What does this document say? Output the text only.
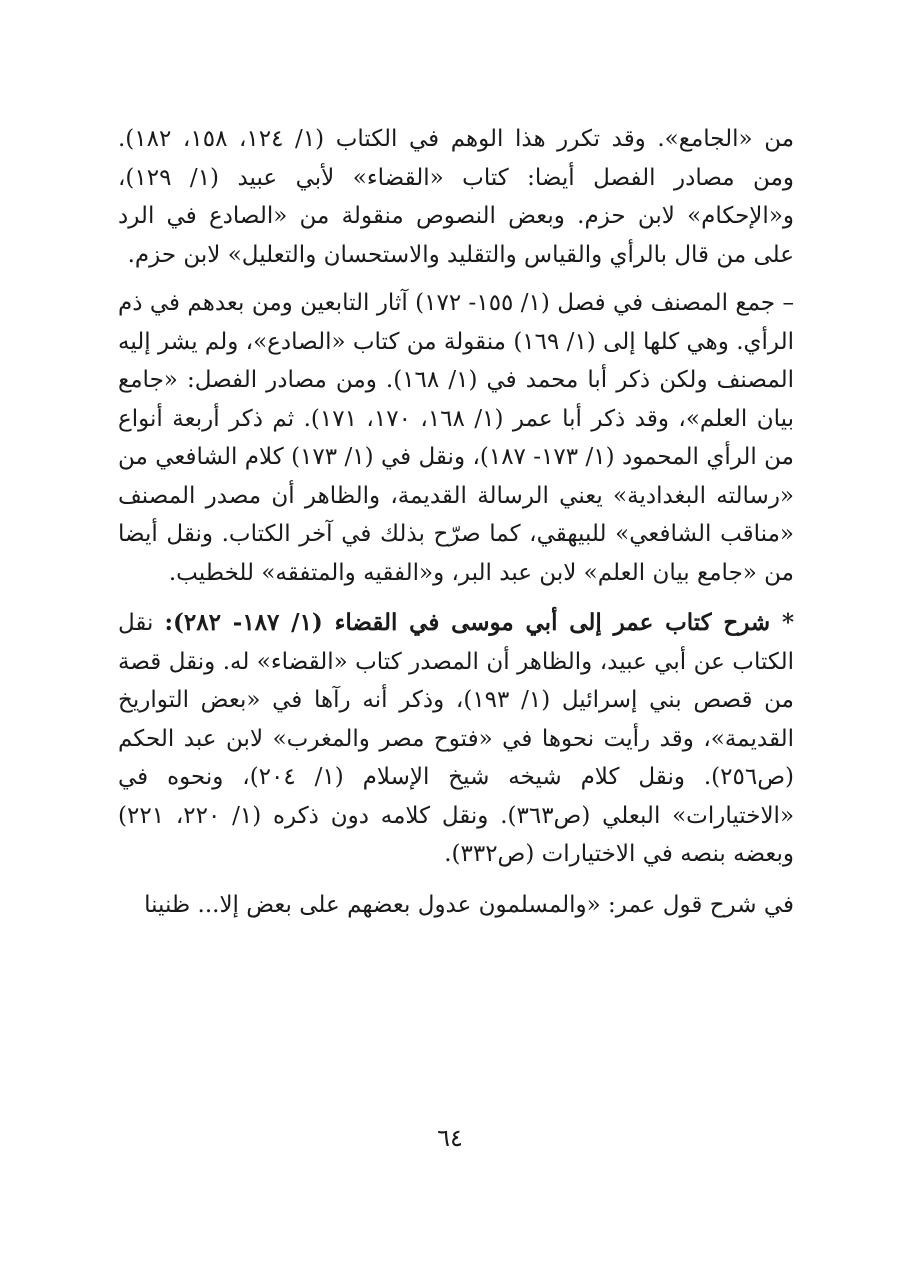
من «الجامع». وقد تكرر هذا الوهم في الكتاب (١/ ١٢٤، ١٥٨، ١٨٢). ومن مصادر الفصل أيضا: كتاب «القضاء» لأبي عبيد (١/ ١٢٩)، و«الإحكام» لابن حزم. وبعض النصوص منقولة من «الصادع في الرد على من قال بالرأي والقياس والتقليد والاستحسان والتعليل» لابن حزم.

– جمع المصنف في فصل (١/ ١٥٥- ١٧٢) آثار التابعين ومن بعدهم في ذم الرأي. وهي كلها إلى (١/ ١٦٩) منقولة من كتاب «الصادع»، ولم يشر إليه المصنف ولكن ذكر أبا محمد في (١/ ١٦٨). ومن مصادر الفصل: «جامع بيان العلم»، وقد ذكر أبا عمر (١/ ١٦٨، ١٧٠، ١٧١). ثم ذكر أربعة أنواع من الرأي المحمود (١/ ١٧٣- ١٨٧)، ونقل في (١/ ١٧٣) كلام الشافعي من «رسالته البغدادية» يعني الرسالة القديمة، والظاهر أن مصدر المصنف «مناقب الشافعي» للبيهقي، كما صرّح بذلك في آخر الكتاب. ونقل أيضا من «جامع بيان العلم» لابن عبد البر، و«الفقيه والمتفقه» للخطيب.

* شرح كتاب عمر إلى أبي موسى في القضاء (١/ ١٨٧- ٢٨٢): نقل الكتاب عن أبي عبيد، والظاهر أن المصدر كتاب «القضاء» له. ونقل قصة من قصص بني إسرائيل (١/ ١٩٣)، وذكر أنه رآها في «بعض التواريخ القديمة»، وقد رأيت نحوها في «فتوح مصر والمغرب» لابن عبد الحكم (ص٢٥٦). ونقل كلام شيخه شيخ الإسلام (١/ ٢٠٤)، ونحوه في «الاختيارات» البعلي (ص٣٦٣). ونقل كلامه دون ذكره (١/ ٢٢٠، ٢٢١) وبعضه بنصه في الاختيارات (ص٣٣٢).

في شرح قول عمر: «والمسلمون عدول بعضهم على بعض إلا... ظنينا

٦٤
